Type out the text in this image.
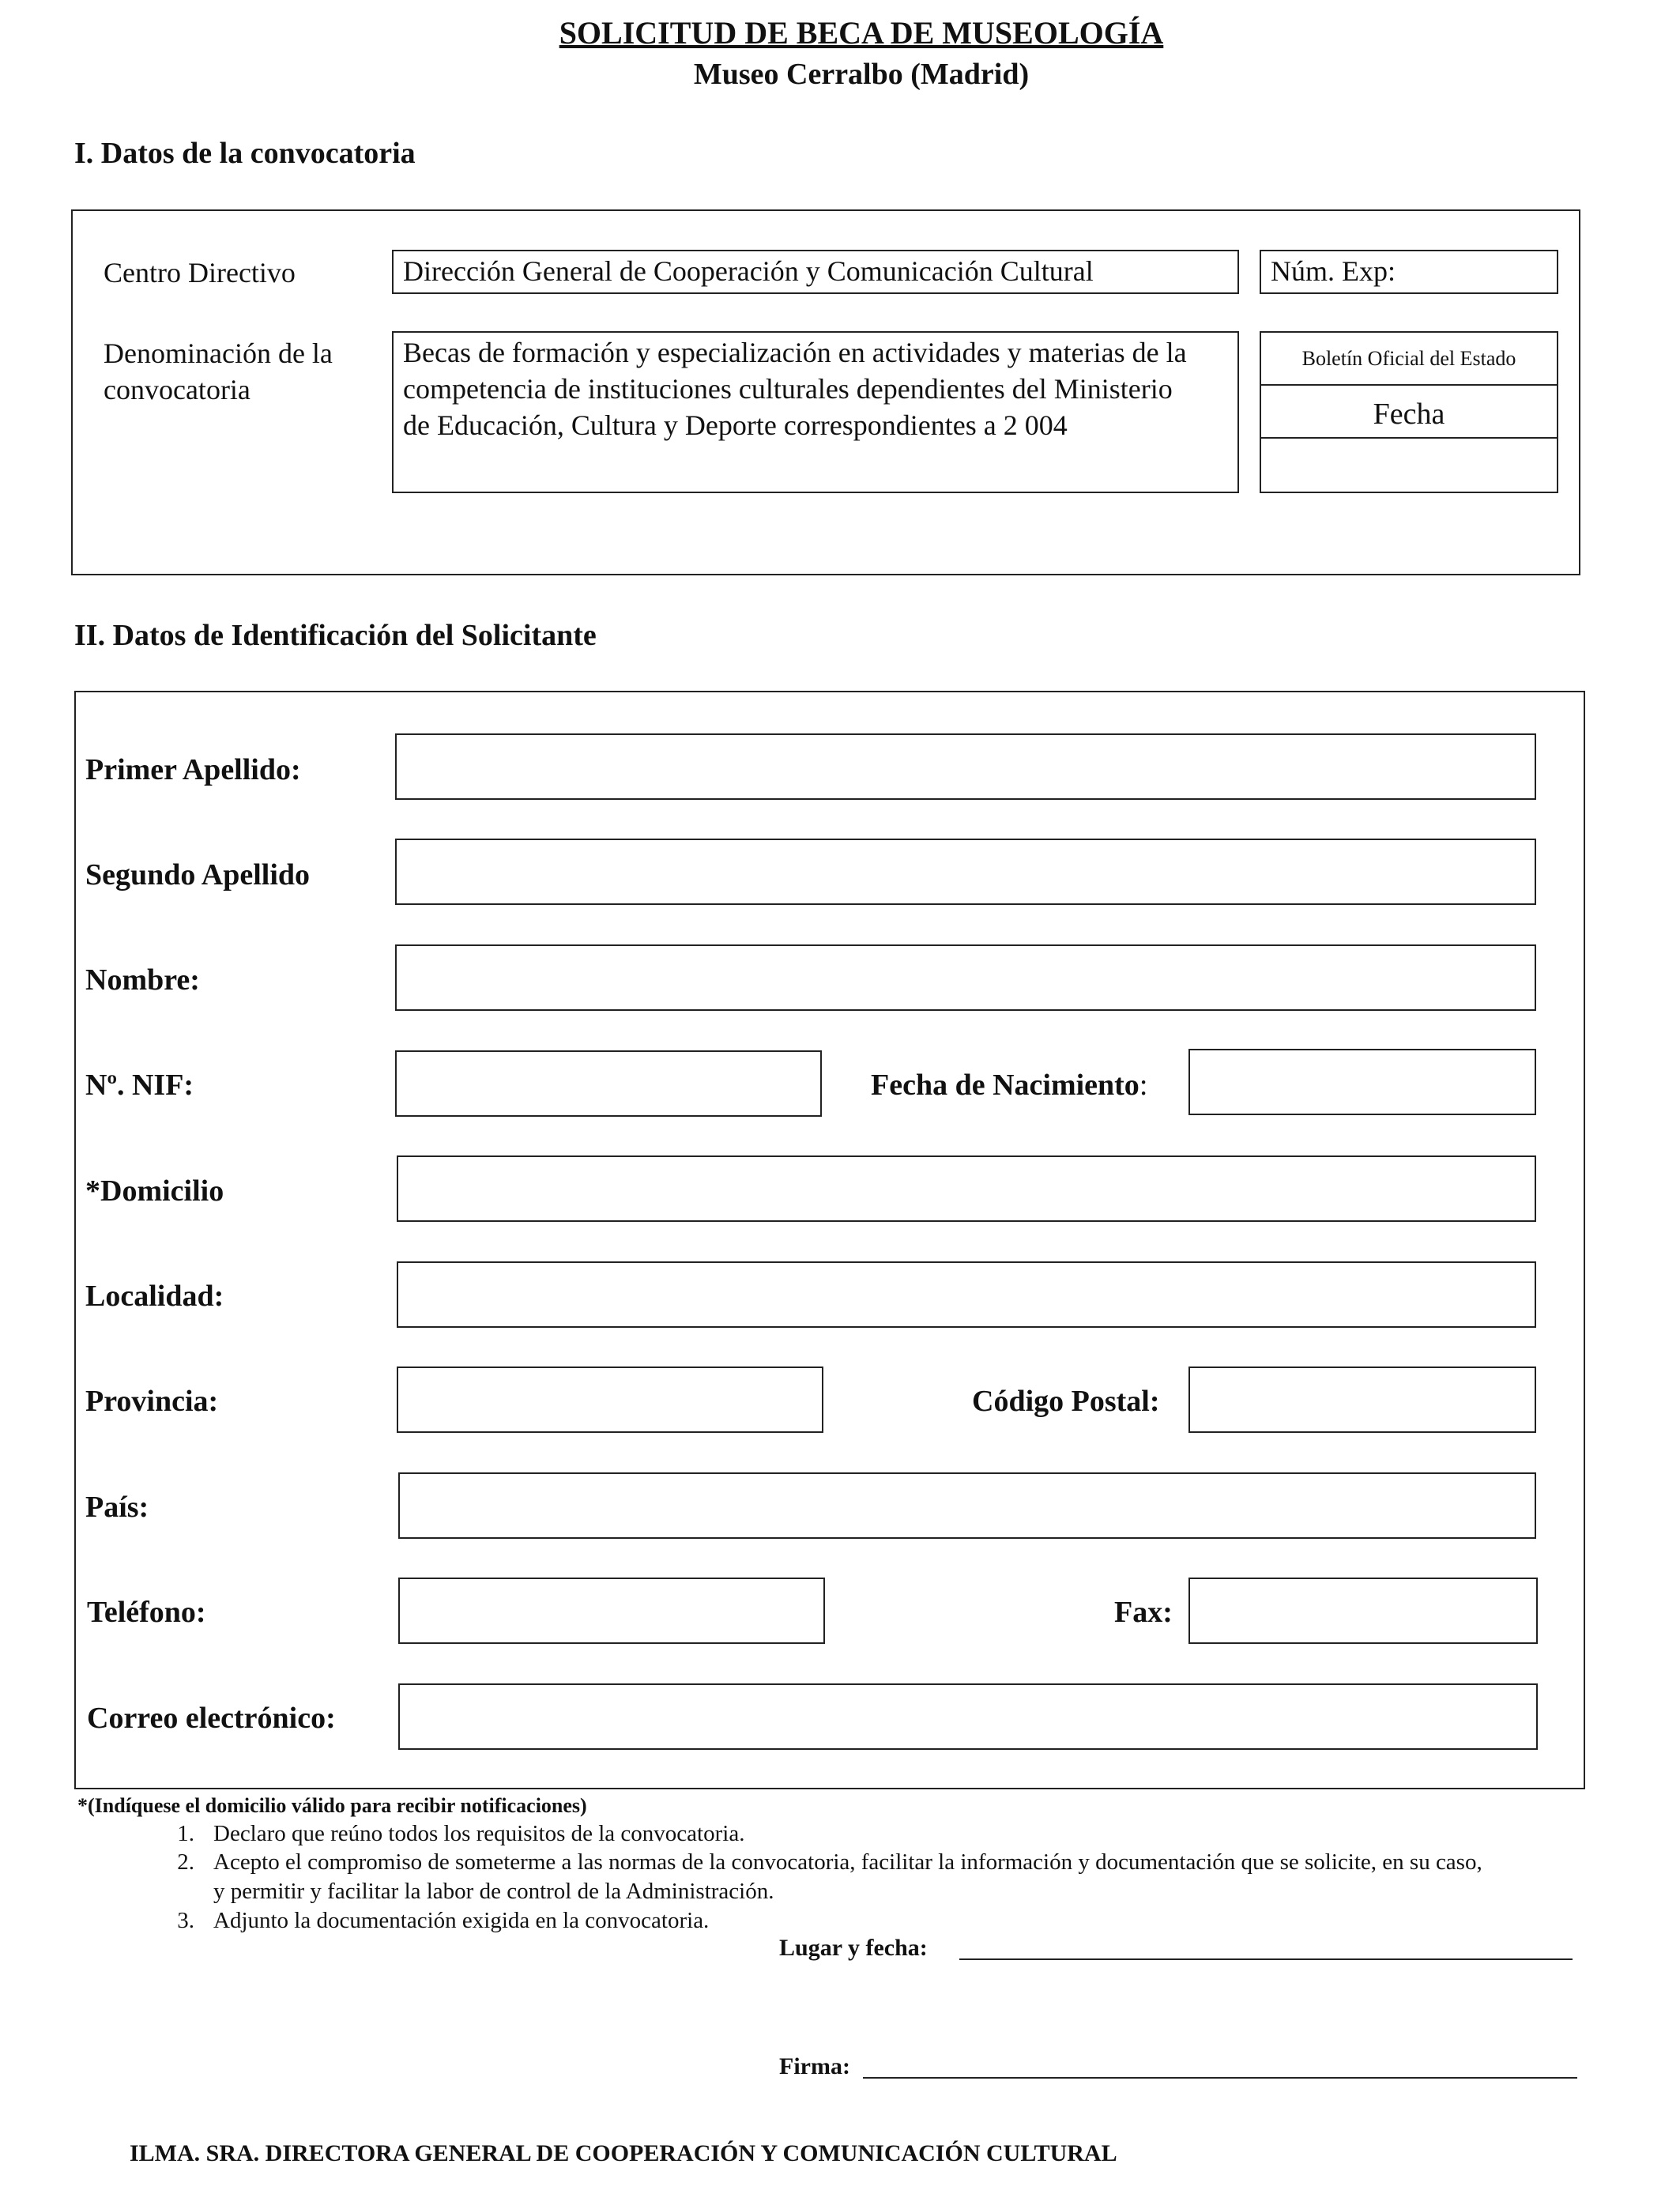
SOLICITUD DE BECA DE MUSEOLOGÍA
Museo Cerralbo (Madrid)
I. Datos de la convocatoria
Centro Directivo	Dirección General de Cooperación y Comunicación Cultural	Núm. Exp:
Denominación de la
convocatoria
Becas de formación y especialización en actividades y materias de la
competencia de instituciones culturales dependientes del Ministerio
de Educación, Cultura y Deporte correspondientes a 2 004
Boletín Oficial del Estado
Fecha
II. Datos de Identificación del Solicitante
Primer Apellido:
Segundo Apellido
Nombre:
Nº. NIF:	Fecha de Nacimiento:
*Domicilio
Localidad:
Provincia:	Código Postal:
País:
Teléfono:	Fax:
Correo electrónico:
*(Indíquese el domicilio válido para recibir notificaciones)
1. Declaro que reúno todos los requisitos de la convocatoria.
2. Acepto el compromiso de someterme a las normas de la convocatoria, facilitar la información y documentación que se solicite, en su caso,
y permitir y facilitar la labor de control de la Administración.
3. Adjunto la documentación exigida en la convocatoria.
Lugar y fecha:
Firma:
ILMA. SRA. DIRECTORA GENERAL DE COOPERACIÓN Y COMUNICACIÓN CULTURAL
